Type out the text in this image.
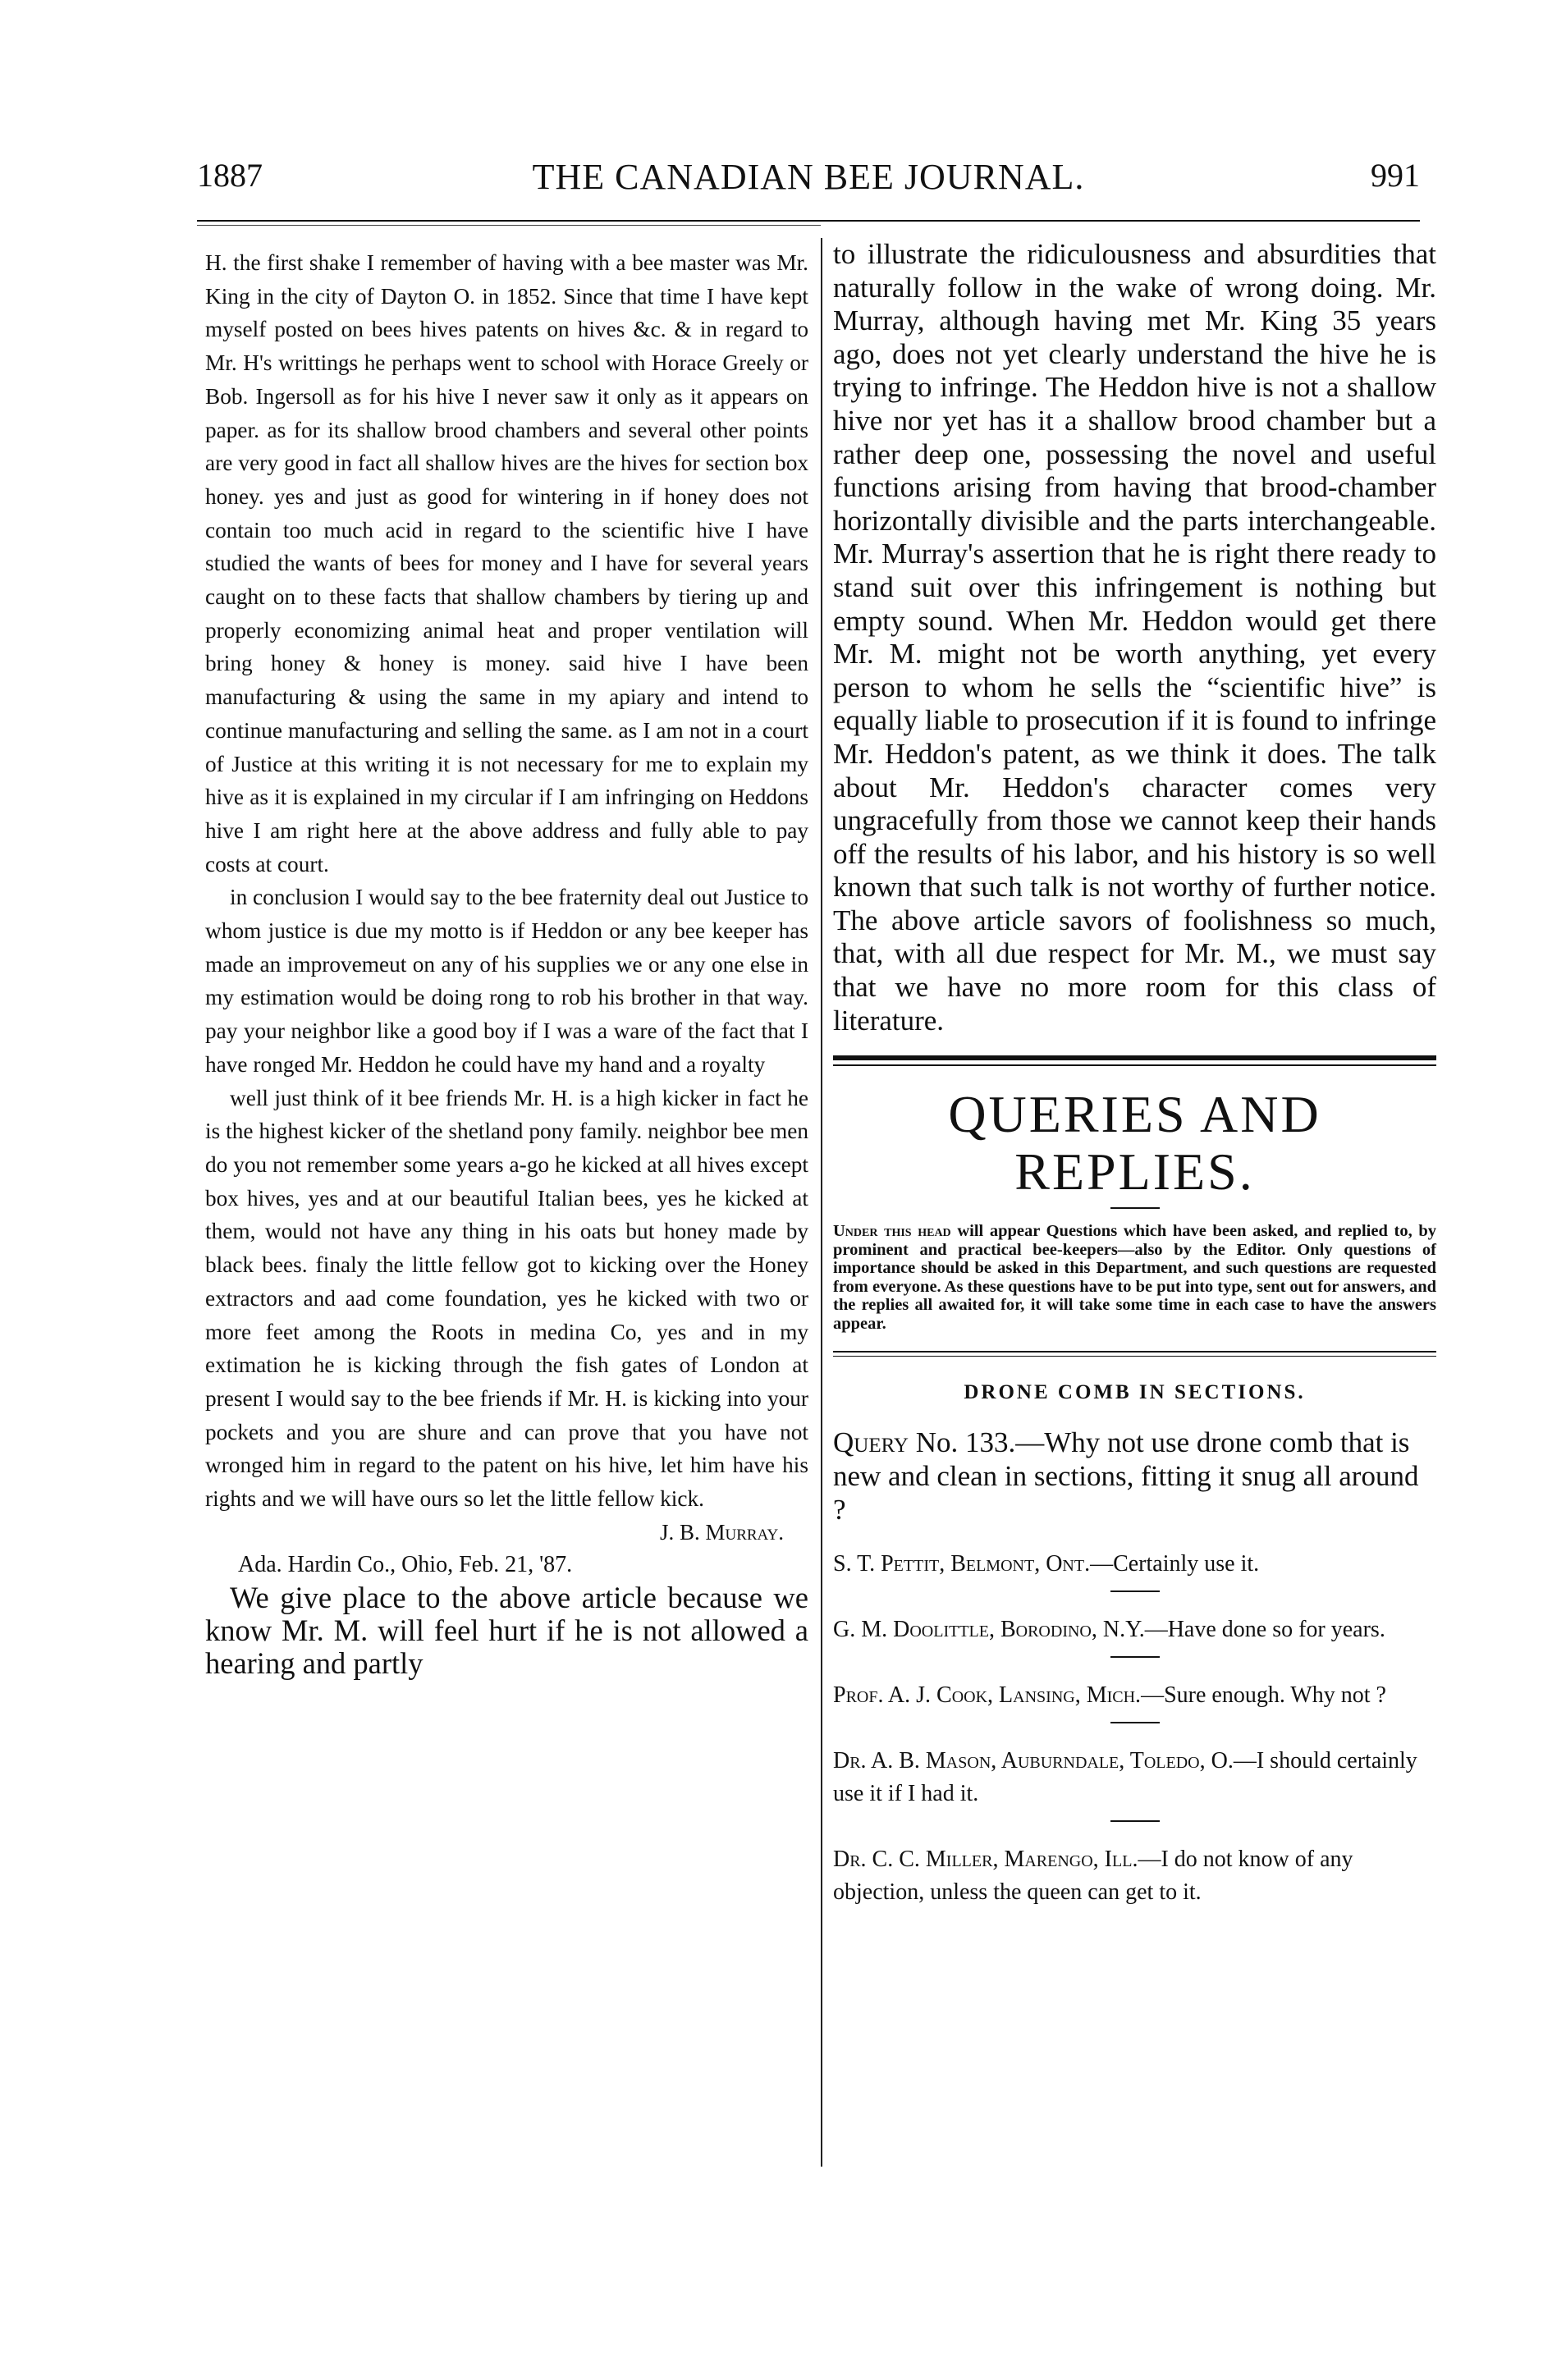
1887	THE CANADIAN BEE JOURNAL.	991

H. the first shake I remember of having with a bee master was Mr. King in the city of Dayton O. in 1852. Since that time I have kept myself posted on bees hives patents on hives &c. & in regard to Mr. H's writtings he perhaps went to school with Horace Greely or Bob. Ingersoll as for his hive I never saw it only as it appears on paper. as for its shallow brood chambers and several other points are very good in fact all shallow hives are the hives for section box honey. yes and just as good for wintering in if honey does not contain too much acid in regard to the scientific hive I have studied the wants of bees for money and I have for several years caught on to these facts that shallow chambers by tiering up and properly economizing animal heat and proper ventilation will bring honey & honey is money. said hive I have been manufacturing & using the same in my apiary and intend to continue manufacturing and selling the same. as I am not in a court of Justice at this writing it is not necessary for me to explain my hive as it is explained in my circular if I am infringing on Heddons hive I am right here at the above address and fully able to pay costs at court.

in conclusion I would say to the bee fraternity deal out Justice to whom justice is due my motto is if Heddon or any bee keeper has made an improvemeut on any of his supplies we or any one else in my estimation would be doing rong to rob his brother in that way. pay your neighbor like a good boy if I was a ware of the fact that I have ronged Mr. Heddon he could have my hand and a royalty

well just think of it bee friends Mr. H. is a high kicker in fact he is the highest kicker of the shetland pony family. neighbor bee men do you not remember some years a-go he kicked at all hives except box hives, yes and at our beautiful Italian bees, yes he kicked at them, would not have any thing in his oats but honey made by black bees. finaly the little fellow got to kicking over the Honey extractors and aad come foundation, yes he kicked with two or more feet among the Roots in medina Co, yes and in my extimation he is kicking through the fish gates of London at present I would say to the bee friends if Mr. H. is kicking into your pockets and you are shure and can prove that you have not wronged him in regard to the patent on his hive, let him have his rights and we will have ours so let the little fellow kick.

J. B. Murray.
Ada. Hardin Co., Ohio, Feb. 21, '87.

We give place to the above article because we know Mr. M. will feel hurt if he is not allowed a hearing and partly

to illustrate the ridiculousness and absurdities that naturally follow in the wake of wrong doing. Mr. Murray, although having met Mr. King 35 years ago, does not yet clearly understand the hive he is trying to infringe. The Heddon hive is not a shallow hive nor yet has it a shallow brood chamber but a rather deep one, possessing the novel and useful functions arising from having that brood-chamber horizontally divisible and the parts interchangeable. Mr. Murray's assertion that he is right there ready to stand suit over this infringement is nothing but empty sound. When Mr. Heddon would get there Mr. M. might not be worth anything, yet every person to whom he sells the “scientific hive” is equally liable to prosecution if it is found to infringe Mr. Heddon's patent, as we think it does. The talk about Mr. Heddon's character comes very ungracefully from those we cannot keep their hands off the results of his labor, and his history is so well known that such talk is not worthy of further notice. The above article savors of foolishness so much, that, with all due respect for Mr. M., we must say that we have no more room for this class of literature.

QUERIES AND REPLIES.
Under this head will appear Questions which have been asked, and replied to, by prominent and practical bee-keepers—also by the Editor. Only questions of importance should be asked in this Department, and such questions are requested from everyone. As these questions have to be put into type, sent out for answers, and the replies all awaited for, it will take some time in each case to have the answers appear.
DRONE COMB IN SECTIONS.
Query No. 133.—Why not use drone comb that is new and clean in sections, fitting it snug all around ?
S. T. Pettit, Belmont, Ont.—Certainly use it.
G. M. Doolittle, Borodino, N.Y.—Have done so for years.
Prof. A. J. Cook, Lansing, Mich.—Sure enough. Why not ?
Dr. A. B. Mason, Auburndale, Toledo, O.—I should certainly use it if I had it.
Dr. C. C. Miller, Marengo, Ill.—I do not know of any objection, unless the queen can get to it.
